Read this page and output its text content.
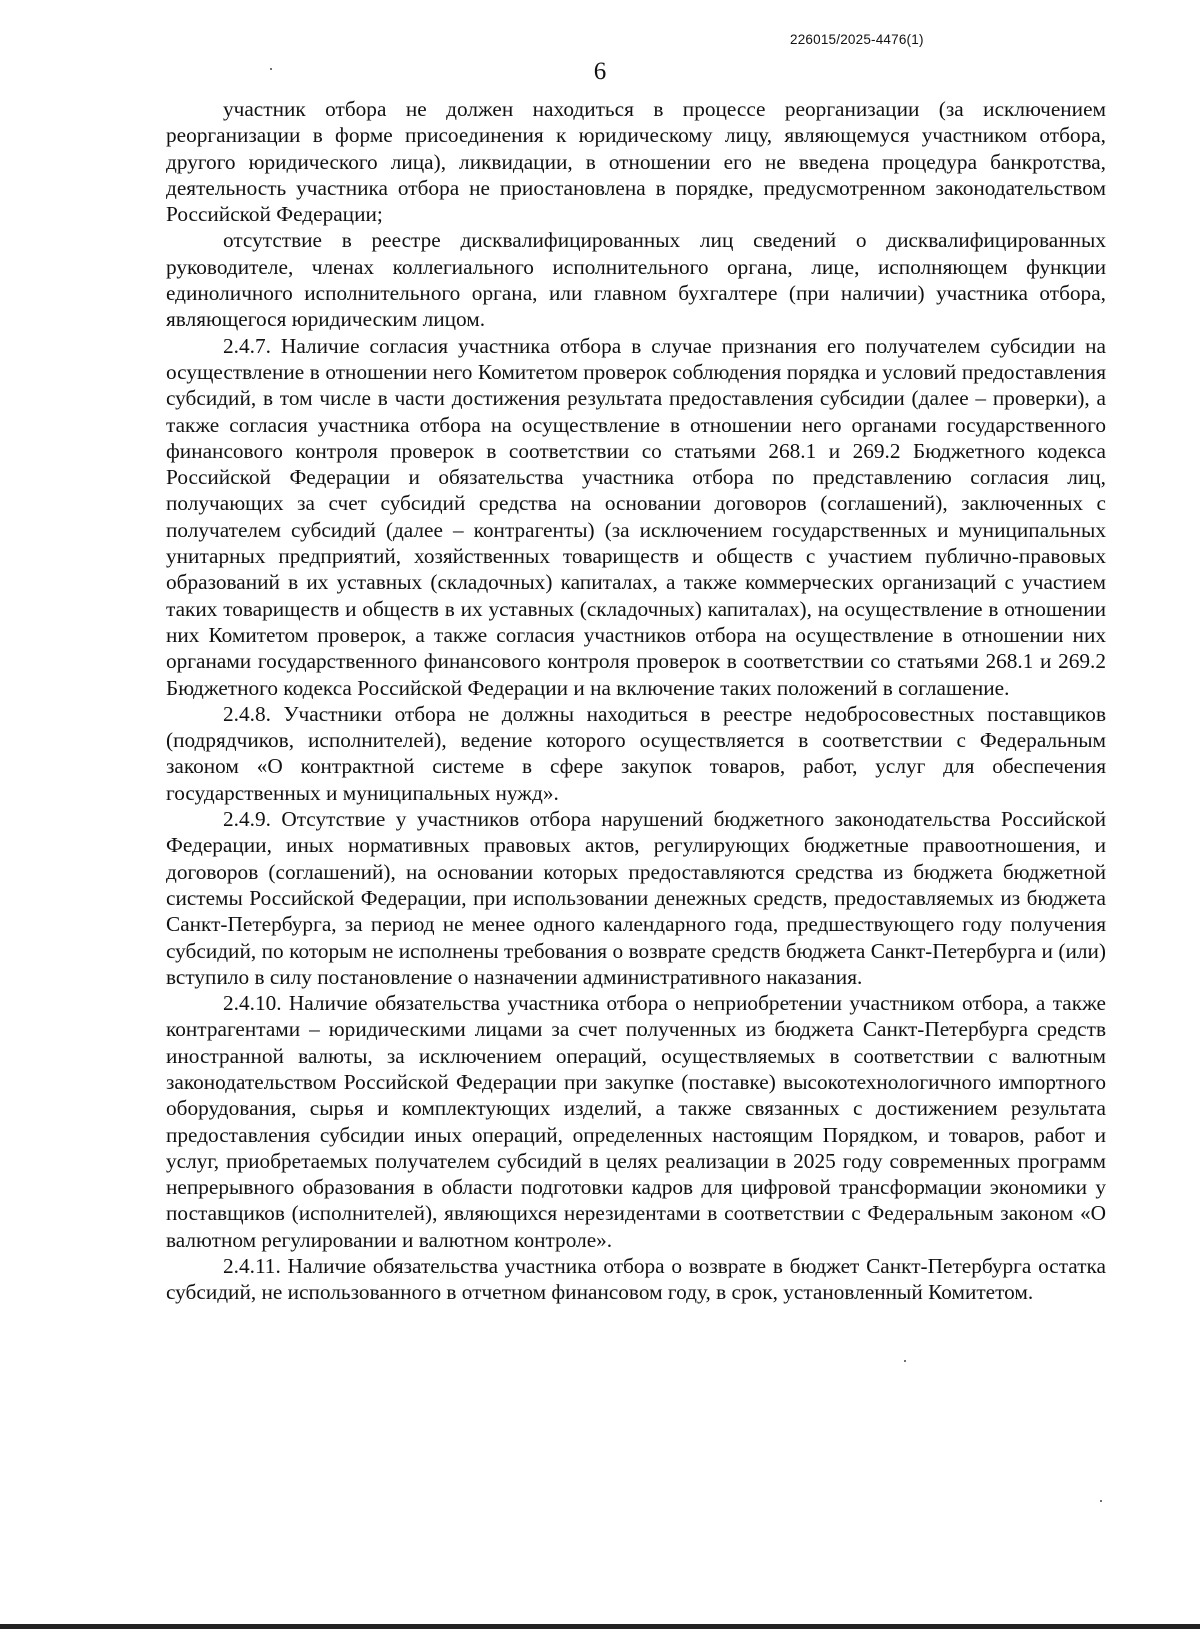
226015/2025-4476(1)
6

участник отбора не должен находиться в процессе реорганизации (за исключением реорганизации в форме присоединения к юридическому лицу, являющемуся участником отбора, другого юридического лица), ликвидации, в отношении его не введена процедура банкротства, деятельность участника отбора не приостановлена в порядке, предусмотренном законодательством Российской Федерации;

отсутствие в реестре дисквалифицированных лиц сведений о дисквалифицированных руководителе, членах коллегиального исполнительного органа, лице, исполняющем функции единоличного исполнительного органа, или главном бухгалтере (при наличии) участника отбора, являющегося юридическим лицом.

2.4.7. Наличие согласия участника отбора в случае признания его получателем субсидии на осуществление в отношении него Комитетом проверок соблюдения порядка и условий предоставления субсидий, в том числе в части достижения результата предоставления субсидии (далее – проверки), а также согласия участника отбора на осуществление в отношении него органами государственного финансового контроля проверок в соответствии со статьями 268.1 и 269.2 Бюджетного кодекса Российской Федерации и обязательства участника отбора по представлению согласия лиц, получающих за счет субсидий средства на основании договоров (соглашений), заключенных с получателем субсидий (далее – контрагенты) (за исключением государственных и муниципальных унитарных предприятий, хозяйственных товариществ и обществ с участием публично-правовых образований в их уставных (складочных) капиталах, а также коммерческих организаций с участием таких товариществ и обществ в их уставных (складочных) капиталах), на осуществление в отношении них Комитетом проверок, а также согласия участников отбора на осуществление в отношении них органами государственного финансового контроля проверок в соответствии со статьями 268.1 и 269.2 Бюджетного кодекса Российской Федерации и на включение таких положений в соглашение.

2.4.8. Участники отбора не должны находиться в реестре недобросовестных поставщиков (подрядчиков, исполнителей), ведение которого осуществляется в соответствии с Федеральным законом «О контрактной системе в сфере закупок товаров, работ, услуг для обеспечения государственных и муниципальных нужд».

2.4.9. Отсутствие у участников отбора нарушений бюджетного законодательства Российской Федерации, иных нормативных правовых актов, регулирующих бюджетные правоотношения, и договоров (соглашений), на основании которых предоставляются средства из бюджета бюджетной системы Российской Федерации, при использовании денежных средств, предоставляемых из бюджета Санкт-Петербурга, за период не менее одного календарного года, предшествующего году получения субсидий, по которым не исполнены требования о возврате средств бюджета Санкт-Петербурга и (или) вступило в силу постановление о назначении административного наказания.

2.4.10. Наличие обязательства участника отбора о неприобретении участником отбора, а также контрагентами – юридическими лицами за счет полученных из бюджета Санкт-Петербурга средств иностранной валюты, за исключением операций, осуществляемых в соответствии с валютным законодательством Российской Федерации при закупке (поставке) высокотехнологичного импортного оборудования, сырья и комплектующих изделий, а также связанных с достижением результата предоставления субсидии иных операций, определенных настоящим Порядком, и товаров, работ и услуг, приобретаемых получателем субсидий в целях реализации в 2025 году современных программ непрерывного образования в области подготовки кадров для цифровой трансформации экономики у поставщиков (исполнителей), являющихся нерезидентами в соответствии с Федеральным законом «О валютном регулировании и валютном контроле».

2.4.11. Наличие обязательства участника отбора о возврате в бюджет Санкт-Петербурга остатка субсидий, не использованного в отчетном финансовом году, в срок, установленный Комитетом.
